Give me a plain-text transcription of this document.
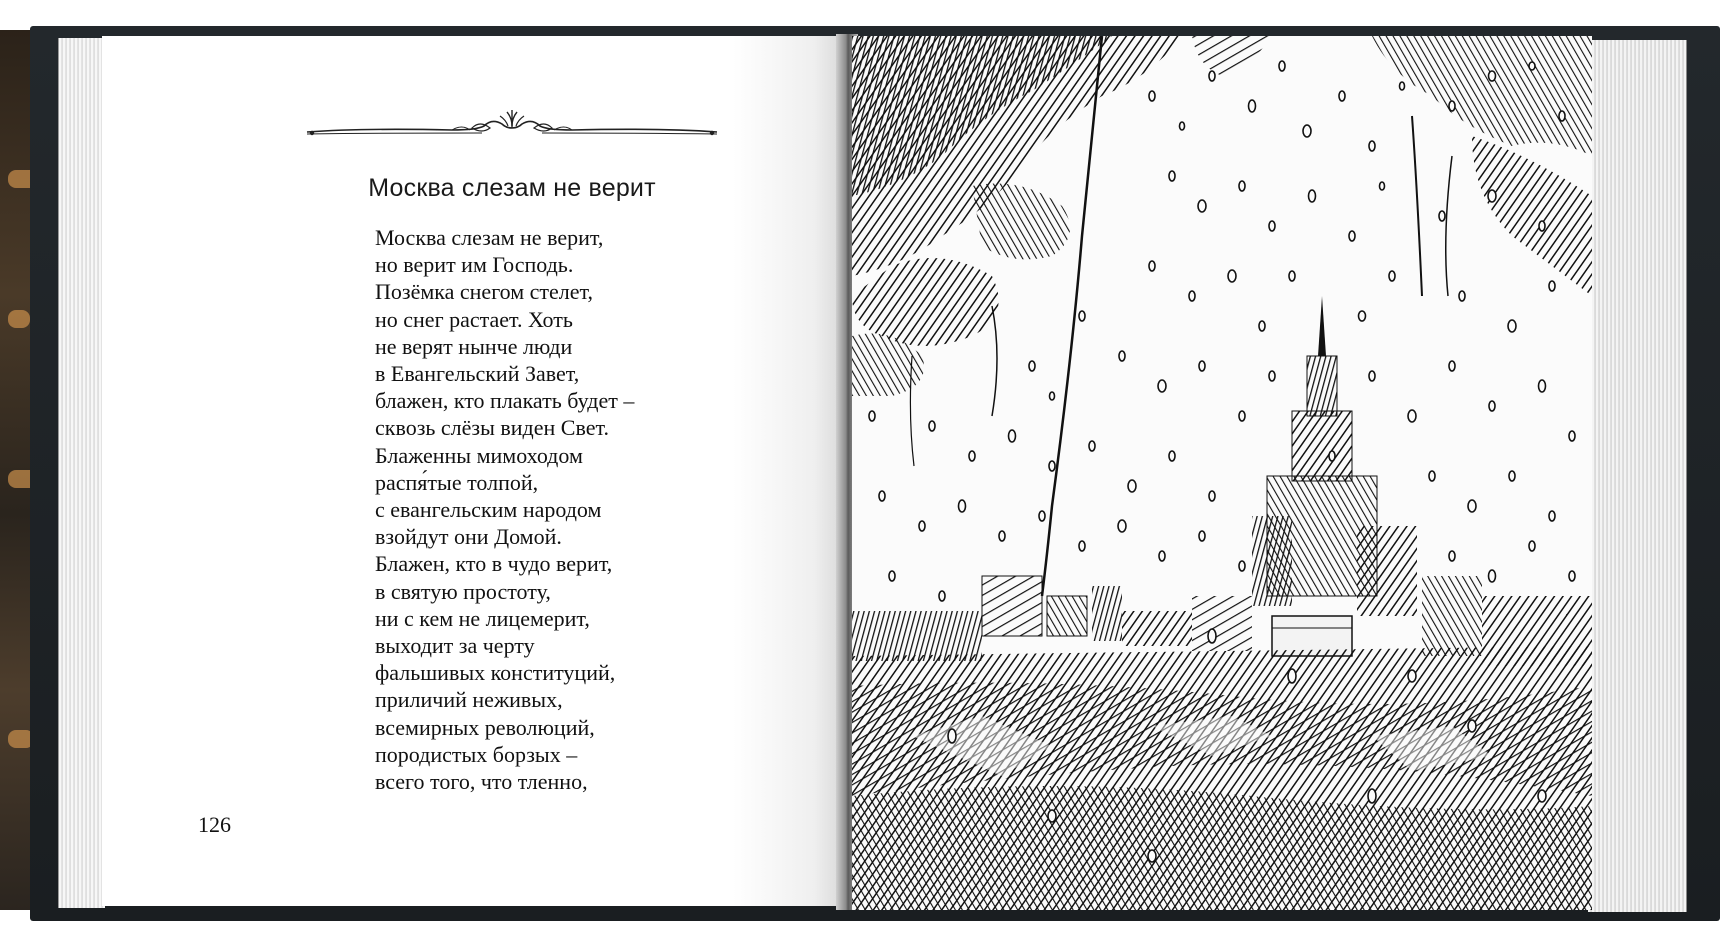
Москва слезам не верит
Москва слезам не верит,
но верит им Господь.
Позёмка снегом стелет,
но снег растает. Хоть
не верят нынче люди
в Евангельский Завет,
блажен, кто плакать будет –
сквозь слёзы виден Свет.
Блаженны мимоходом
распя́тые толпой,
с евангельским народом
взойдут они Домой.
Блажен, кто в чудо верит,
в святую простоту,
ни с кем не лицемерит,
выходит за черту
фальшивых конституций,
приличий неживых,
всемирных революций,
породистых борзых –
всего того, что тленно,
126
